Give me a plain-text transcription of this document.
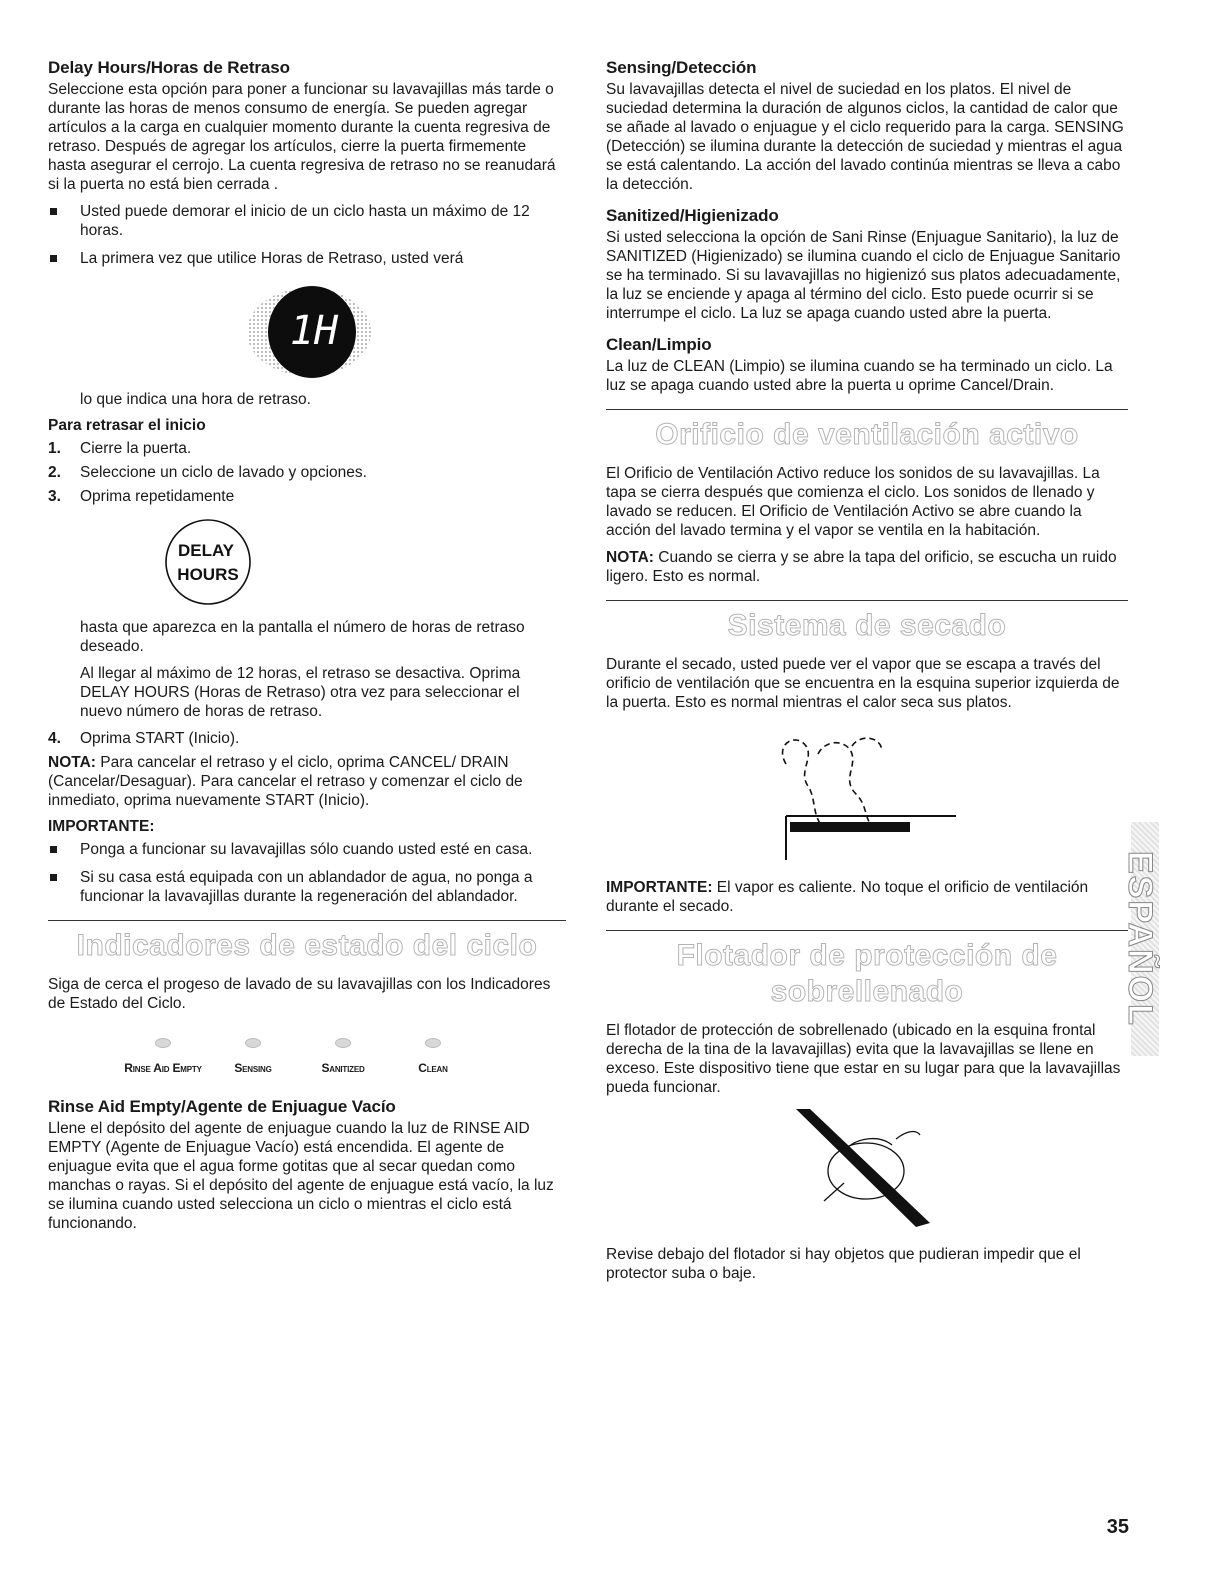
Delay Hours/Horas de Retraso

Seleccione esta opción para poner a funcionar su lavavajillas más tarde o durante las horas de menos consumo de energía. Se pueden agregar artículos a la carga en cualquier momento durante la cuenta regresiva de retraso. Después de agregar los artículos, cierre la puerta firmemente hasta asegurar el cerrojo. La cuenta regresiva de retraso no se reanudará si la puerta no está bien cerrada .

Usted puede demorar el inicio de un ciclo hasta un máximo de 12 horas.
La primera vez que utilice Horas de Retraso, usted verá
1H

lo que indica una hora de retraso.

Para retrasar el inicio
1. Cierre la puerta.
2. Seleccione un ciclo de lavado y opciones.
3. Oprima repetidamente
DELAY
HOURS

hasta que aparezca en la pantalla el número de horas de retraso deseado.

Al llegar al máximo de 12 horas, el retraso se desactiva. Oprima DELAY HOURS (Horas de Retraso) otra vez para seleccionar el nuevo número de horas de retraso.

4. Oprima START (Inicio).

NOTA: Para cancelar el retraso y el ciclo, oprima CANCEL/ DRAIN (Cancelar/Desaguar). Para cancelar el retraso y comenzar el ciclo de inmediato, oprima nuevamente START (Inicio).

IMPORTANTE:
Ponga a funcionar su lavavajillas sólo cuando usted esté en casa.
Si su casa está equipada con un ablandador de agua, no ponga a funcionar la lavavajillas durante la regeneración del ablandador.
Indicadores de estado del ciclo

Siga de cerca el progeso de lavado de su lavavajillas con los Indicadores de Estado del Ciclo.

Rinse Aid Empty	Sensing	Sanitized	Clean
Rinse Aid Empty/Agente de Enjuague Vacío

Llene el depósito del agente de enjuague cuando la luz de RINSE AID EMPTY (Agente de Enjuague Vacío) está encendida. El agente de enjuague evita que el agua forme gotitas que al secar quedan como manchas o rayas. Si el depósito del agente de enjuague está vacío, la luz se ilumina cuando usted selecciona un ciclo o mientras el ciclo está funcionando.

Sensing/Detección

Su lavavajillas detecta el nivel de suciedad en los platos. El nivel de suciedad determina la duración de algunos ciclos, la cantidad de calor que se añade al lavado o enjuague y el ciclo requerido para la carga. SENSING (Detección) se ilumina durante la detección de suciedad y mientras el agua se está calentando. La acción del lavado continúa mientras se lleva a cabo la detección.

Sanitized/Higienizado

Si usted selecciona la opción de Sani Rinse (Enjuague Sanitario), la luz de SANITIZED (Higienizado) se ilumina cuando el ciclo de Enjuague Sanitario se ha terminado. Si su lavavajillas no higienizó sus platos adecuadamente, la luz se enciende y apaga al término del ciclo. Esto puede ocurrir si se interrumpe el ciclo. La luz se apaga cuando usted abre la puerta.

Clean/Limpio

La luz de CLEAN (Limpio) se ilumina cuando se ha terminado un ciclo. La luz se apaga cuando usted abre la puerta u oprime Cancel/Drain.

Orificio de ventilación activo

El Orificio de Ventilación Activo reduce los sonidos de su lavavajillas. La tapa se cierra después que comienza el ciclo. Los sonidos de llenado y lavado se reducen. El Orificio de Ventilación Activo se abre cuando la acción del lavado termina y el vapor se ventila en la habitación.

NOTA: Cuando se cierra y se abre la tapa del orificio, se escucha un ruido ligero. Esto es normal.

Sistema de secado

Durante el secado, usted puede ver el vapor que se escapa a través del orificio de ventilación que se encuentra en la esquina superior izquierda de la puerta. Esto es normal mientras el calor seca sus platos.

IMPORTANTE: El vapor es caliente. No toque el orificio de ventilación durante el secado.

Flotador de protección de
sobrellenado

El flotador de protección de sobrellenado (ubicado en la esquina frontal derecha de la tina de la lavavajillas) evita que la lavavajillas se llene en exceso. Este dispositivo tiene que estar en su lugar para que la lavavajillas pueda funcionar.

Revise debajo del flotador si hay objetos que pudieran impedir que el protector suba o baje.

ESPAÑOL
35
